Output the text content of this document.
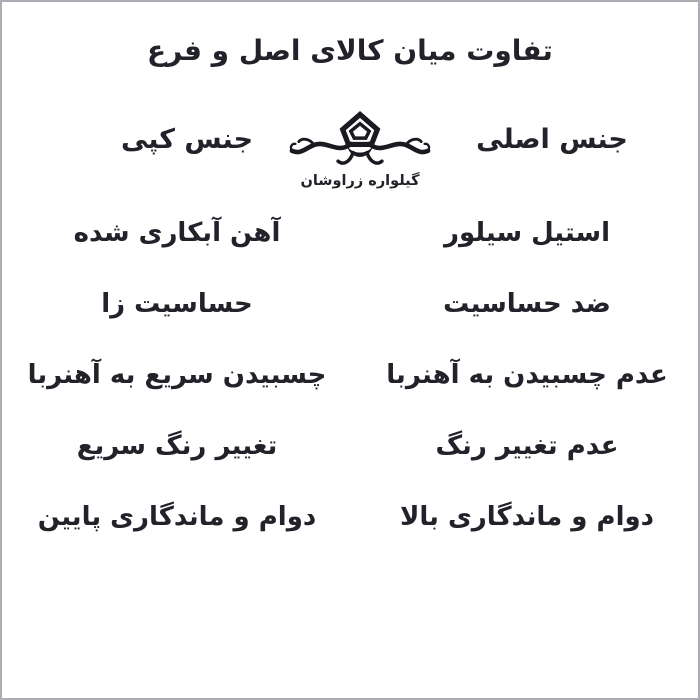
تفاوت میان کالای اصل و فرع
جنس اصلی
جنس کپی
گیلواره زراوشان
استیل سیلور
آهن آبکاری شده
ضد حساسیت
حساسیت زا
عدم چسبیدن به آهنربا
چسبیدن سریع به آهنربا
عدم تغییر رنگ
تغییر رنگ سریع
دوام و ماندگاری بالا
دوام و ماندگاری پایین
